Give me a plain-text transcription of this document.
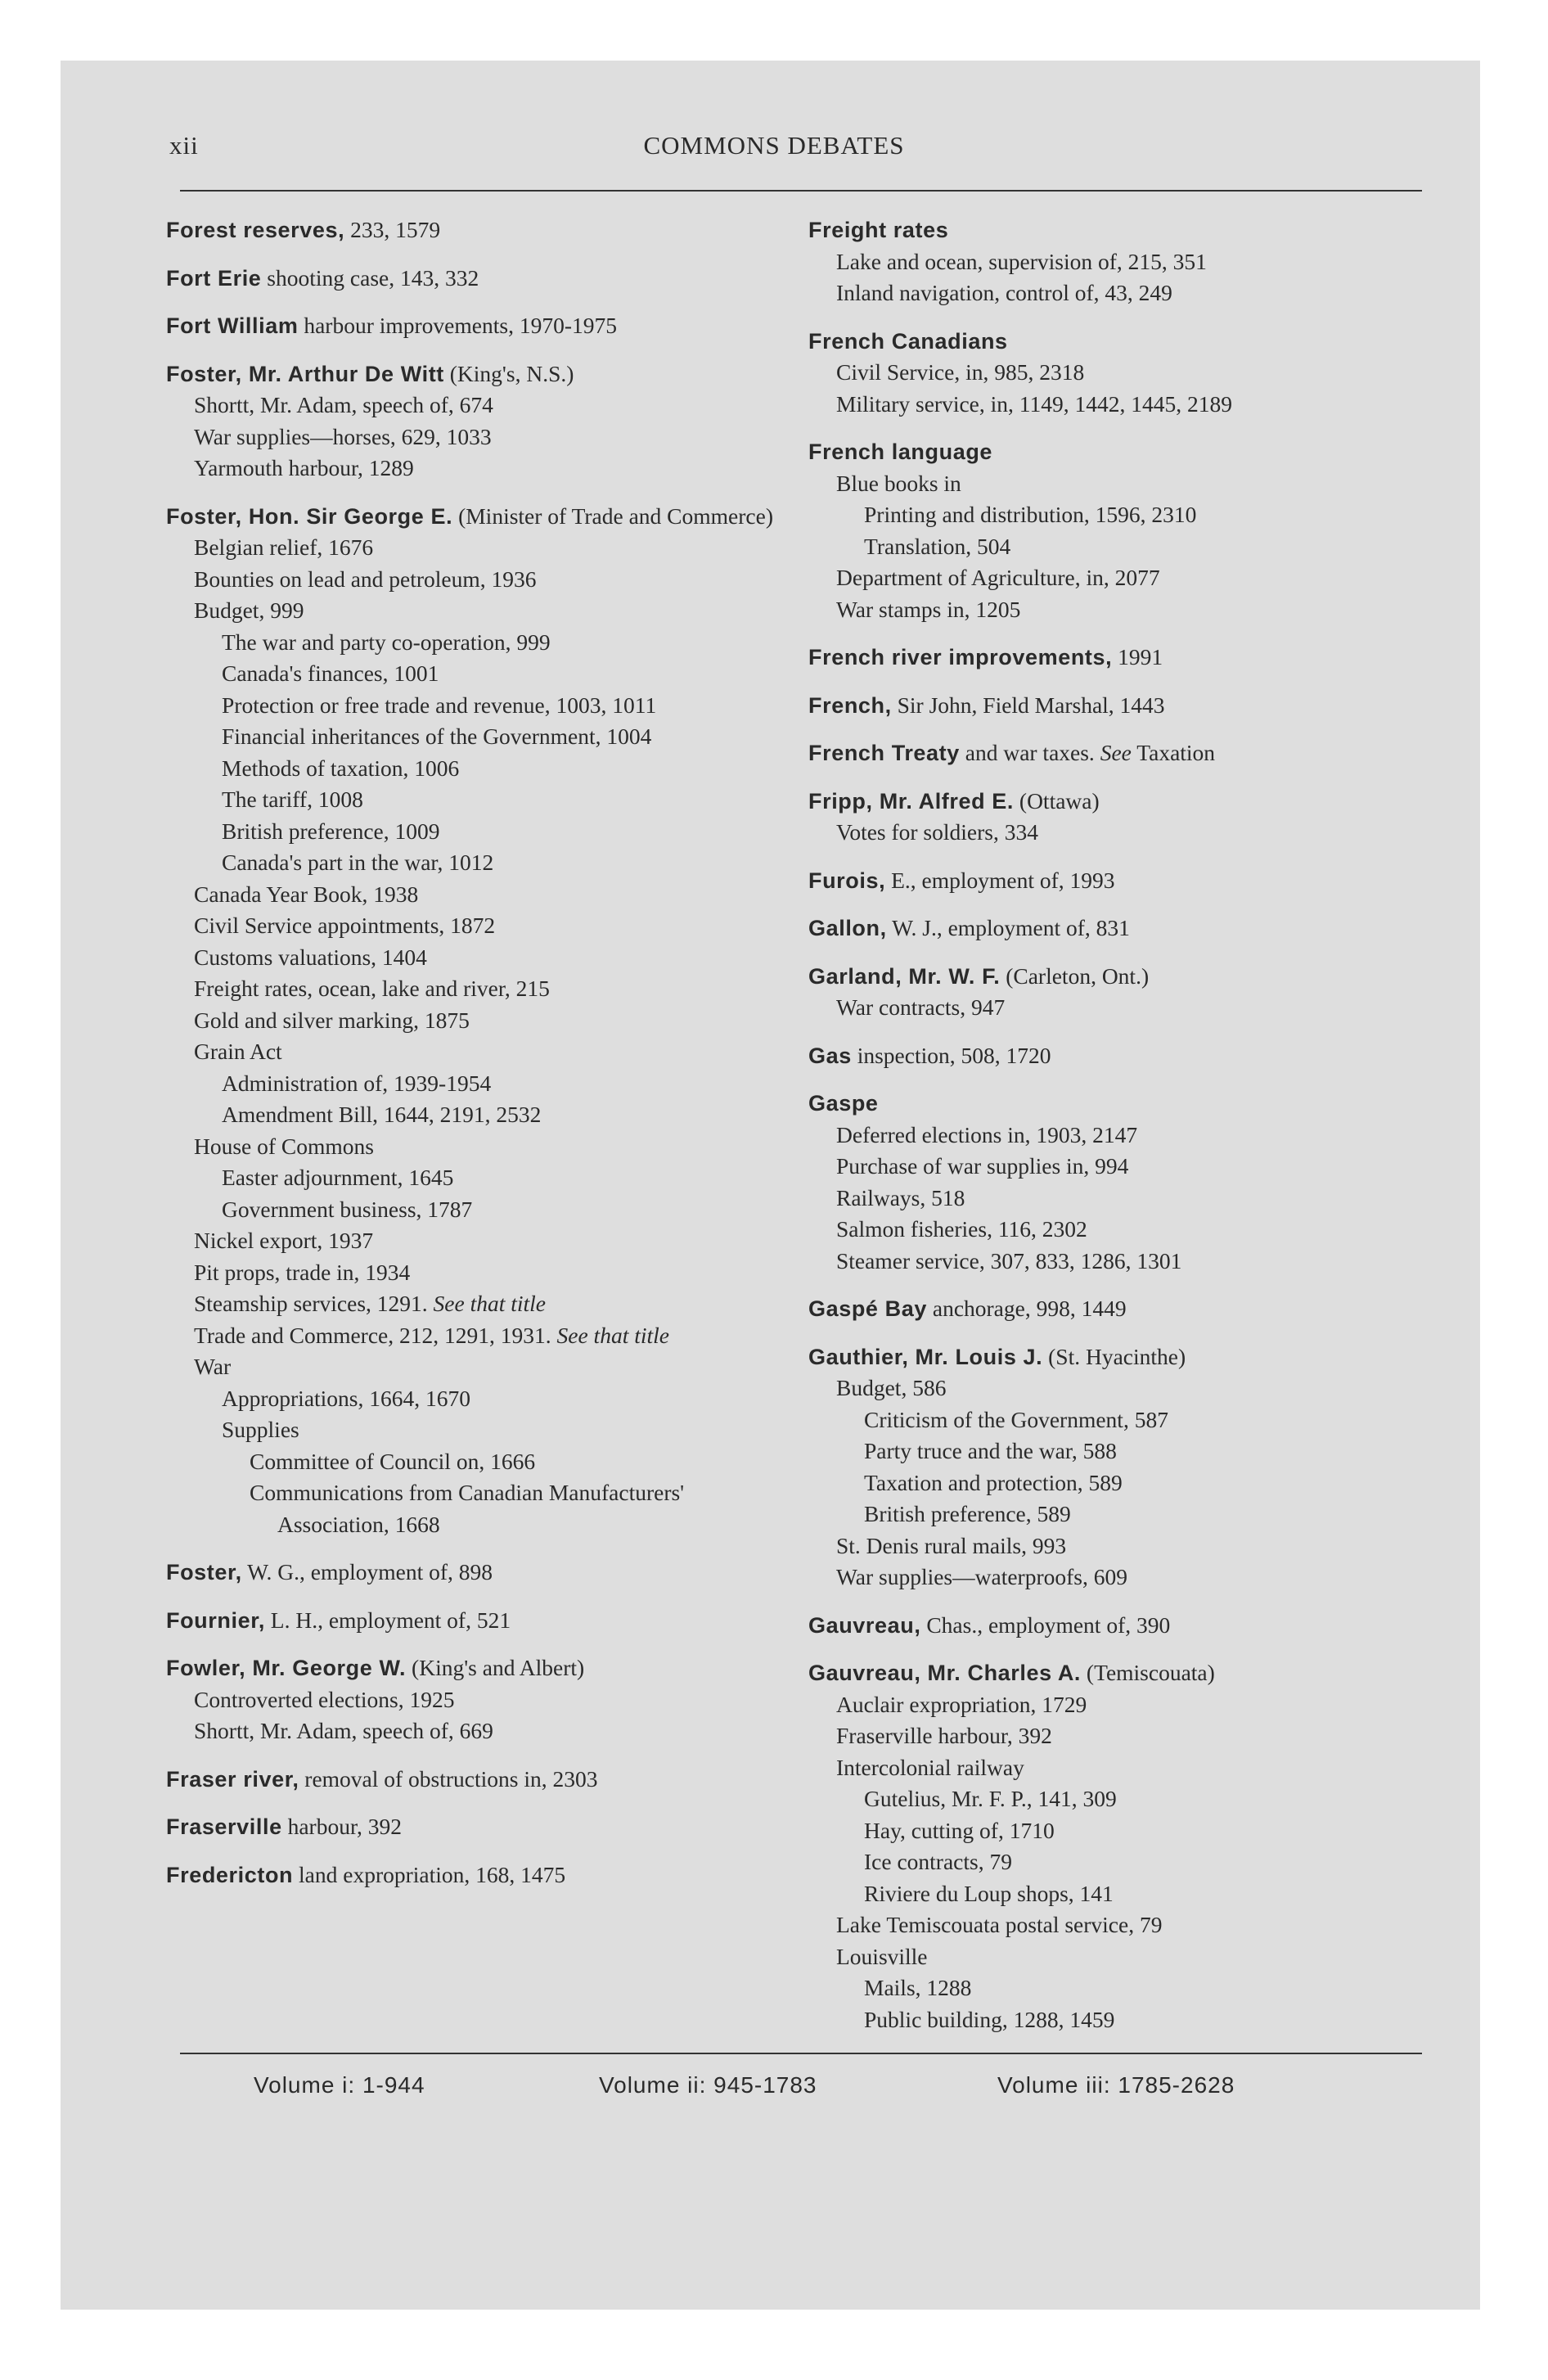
xii	COMMONS DEBATES
Forest reserves, 233, 1579
Fort Erie shooting case, 143, 332
Fort William harbour improvements, 1970-1975
Foster, Mr. Arthur De Witt (King's, N.S.)
Shortt, Mr. Adam, speech of, 674
War supplies—horses, 629, 1033
Yarmouth harbour, 1289
Foster, Hon. Sir George E. (Minister of Trade and Commerce)
Belgian relief, 1676
Bounties on lead and petroleum, 1936
Budget, 999
The war and party co-operation, 999
Canada's finances, 1001
Protection or free trade and revenue, 1003, 1011
Financial inheritances of the Government, 1004
Methods of taxation, 1006
The tariff, 1008
British preference, 1009
Canada's part in the war, 1012
Canada Year Book, 1938
Civil Service appointments, 1872
Customs valuations, 1404
Freight rates, ocean, lake and river, 215
Gold and silver marking, 1875
Grain Act
Administration of, 1939-1954
Amendment Bill, 1644, 2191, 2532
House of Commons
Easter adjournment, 1645
Government business, 1787
Nickel export, 1937
Pit props, trade in, 1934
Steamship services, 1291. See that title
Trade and Commerce, 212, 1291, 1931. See that title
War
Appropriations, 1664, 1670
Supplies
Committee of Council on, 1666
Communications from Canadian Manufacturers' Association, 1668
Foster, W. G., employment of, 898
Fournier, L. H., employment of, 521
Fowler, Mr. George W. (King's and Albert)
Controverted elections, 1925
Shortt, Mr. Adam, speech of, 669
Fraser river, removal of obstructions in, 2303
Fraserville harbour, 392
Fredericton land expropriation, 168, 1475
Freight rates
Lake and ocean, supervision of, 215, 351
Inland navigation, control of, 43, 249
French Canadians
Civil Service, in, 985, 2318
Military service, in, 1149, 1442, 1445, 2189
French language
Blue books in
Printing and distribution, 1596, 2310
Translation, 504
Department of Agriculture, in, 2077
War stamps in, 1205
French river improvements, 1991
French, Sir John, Field Marshal, 1443
French Treaty and war taxes. See Taxation
Fripp, Mr. Alfred E. (Ottawa)
Votes for soldiers, 334
Furois, E., employment of, 1993
Gallon, W. J., employment of, 831
Garland, Mr. W. F. (Carleton, Ont.)
War contracts, 947
Gas inspection, 508, 1720
Gaspe
Deferred elections in, 1903, 2147
Purchase of war supplies in, 994
Railways, 518
Salmon fisheries, 116, 2302
Steamer service, 307, 833, 1286, 1301
Gaspé Bay anchorage, 998, 1449
Gauthier, Mr. Louis J. (St. Hyacinthe)
Budget, 586
Criticism of the Government, 587
Party truce and the war, 588
Taxation and protection, 589
British preference, 589
St. Denis rural mails, 993
War supplies—waterproofs, 609
Gauvreau, Chas., employment of, 390
Gauvreau, Mr. Charles A. (Temiscouata)
Auclair expropriation, 1729
Fraserville harbour, 392
Intercolonial railway
Gutelius, Mr. F. P., 141, 309
Hay, cutting of, 1710
Ice contracts, 79
Riviere du Loup shops, 141
Lake Temiscouata postal service, 79
Louisville
Mails, 1288
Public building, 1288, 1459
Volume i: 1-944	Volume ii: 945-1783	Volume iii: 1785-2628
